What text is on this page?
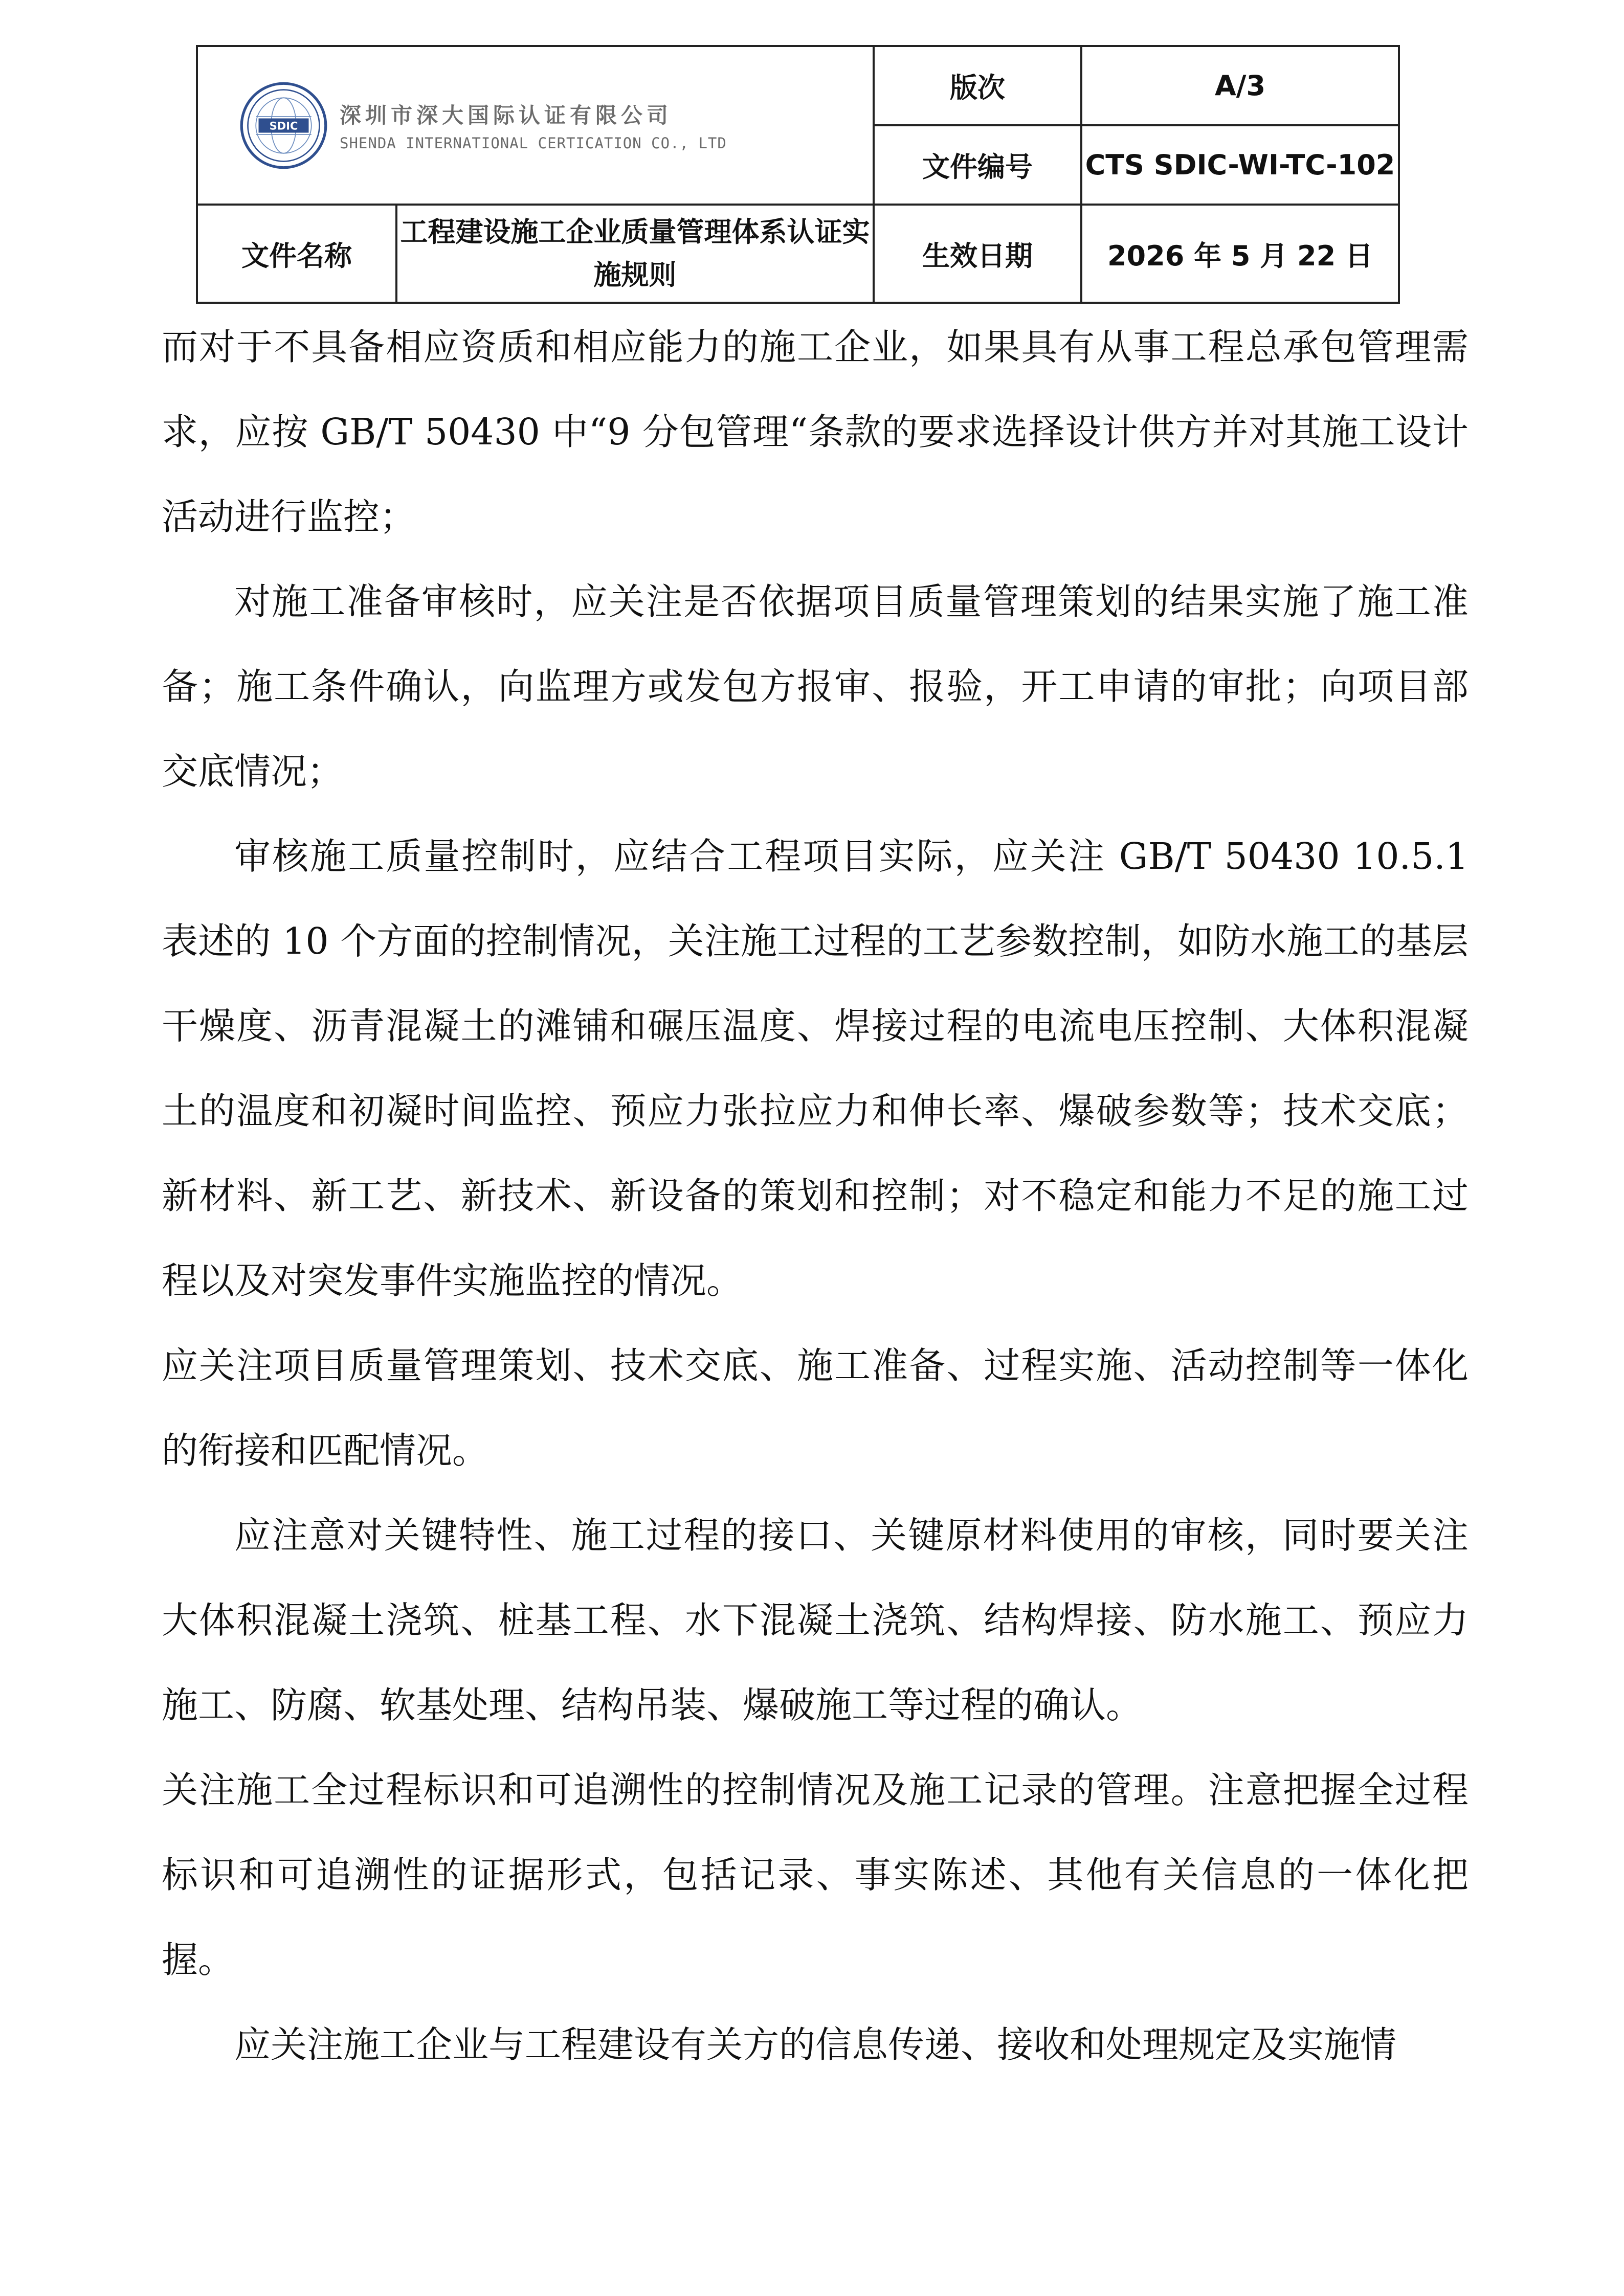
SDIC 深圳市深大国际认证有限公司
SHENDA INTERNATIONAL CERTICATION CO., LTD		版次	A/3
		文件编号	CTS SDIC-WI-TC-102
文件名称	工程建设施工企业质量管理体系认证实施规则	生效日期	2026 年 5 月 22 日

而对于不具备相应资质和相应能力的施工企业，如果具有从事工程总承包管理需求，应按 GB/T 50430 中“9 分包管理“条款的要求选择设计供方并对其施工设计活动进行监控；

对施工准备审核时，应关注是否依据项目质量管理策划的结果实施了施工准备；施工条件确认，向监理方或发包方报审、报验，开工申请的审批；向项目部交底情况；

审核施工质量控制时，应结合工程项目实际，应关注 GB/T 50430 10.5.1 表述的 10 个方面的控制情况，关注施工过程的工艺参数控制，如防水施工的基层干燥度、沥青混凝土的滩铺和碾压温度、焊接过程的电流电压控制、大体积混凝土的温度和初凝时间监控、预应力张拉应力和伸长率、爆破参数等；技术交底；新材料、新工艺、新技术、新设备的策划和控制；对不稳定和能力不足的施工过程以及对突发事件实施监控的情况。

应关注项目质量管理策划、技术交底、施工准备、过程实施、活动控制等一体化的衔接和匹配情况。

应注意对关键特性、施工过程的接口、关键原材料使用的审核，同时要关注大体积混凝土浇筑、桩基工程、水下混凝土浇筑、结构焊接、防水施工、预应力施工、防腐、软基处理、结构吊装、爆破施工等过程的确认。

关注施工全过程标识和可追溯性的控制情况及施工记录的管理。注意把握全过程标识和可追溯性的证据形式，包括记录、事实陈述、其他有关信息的一体化把握。

应关注施工企业与工程建设有关方的信息传递、接收和处理规定及实施情
